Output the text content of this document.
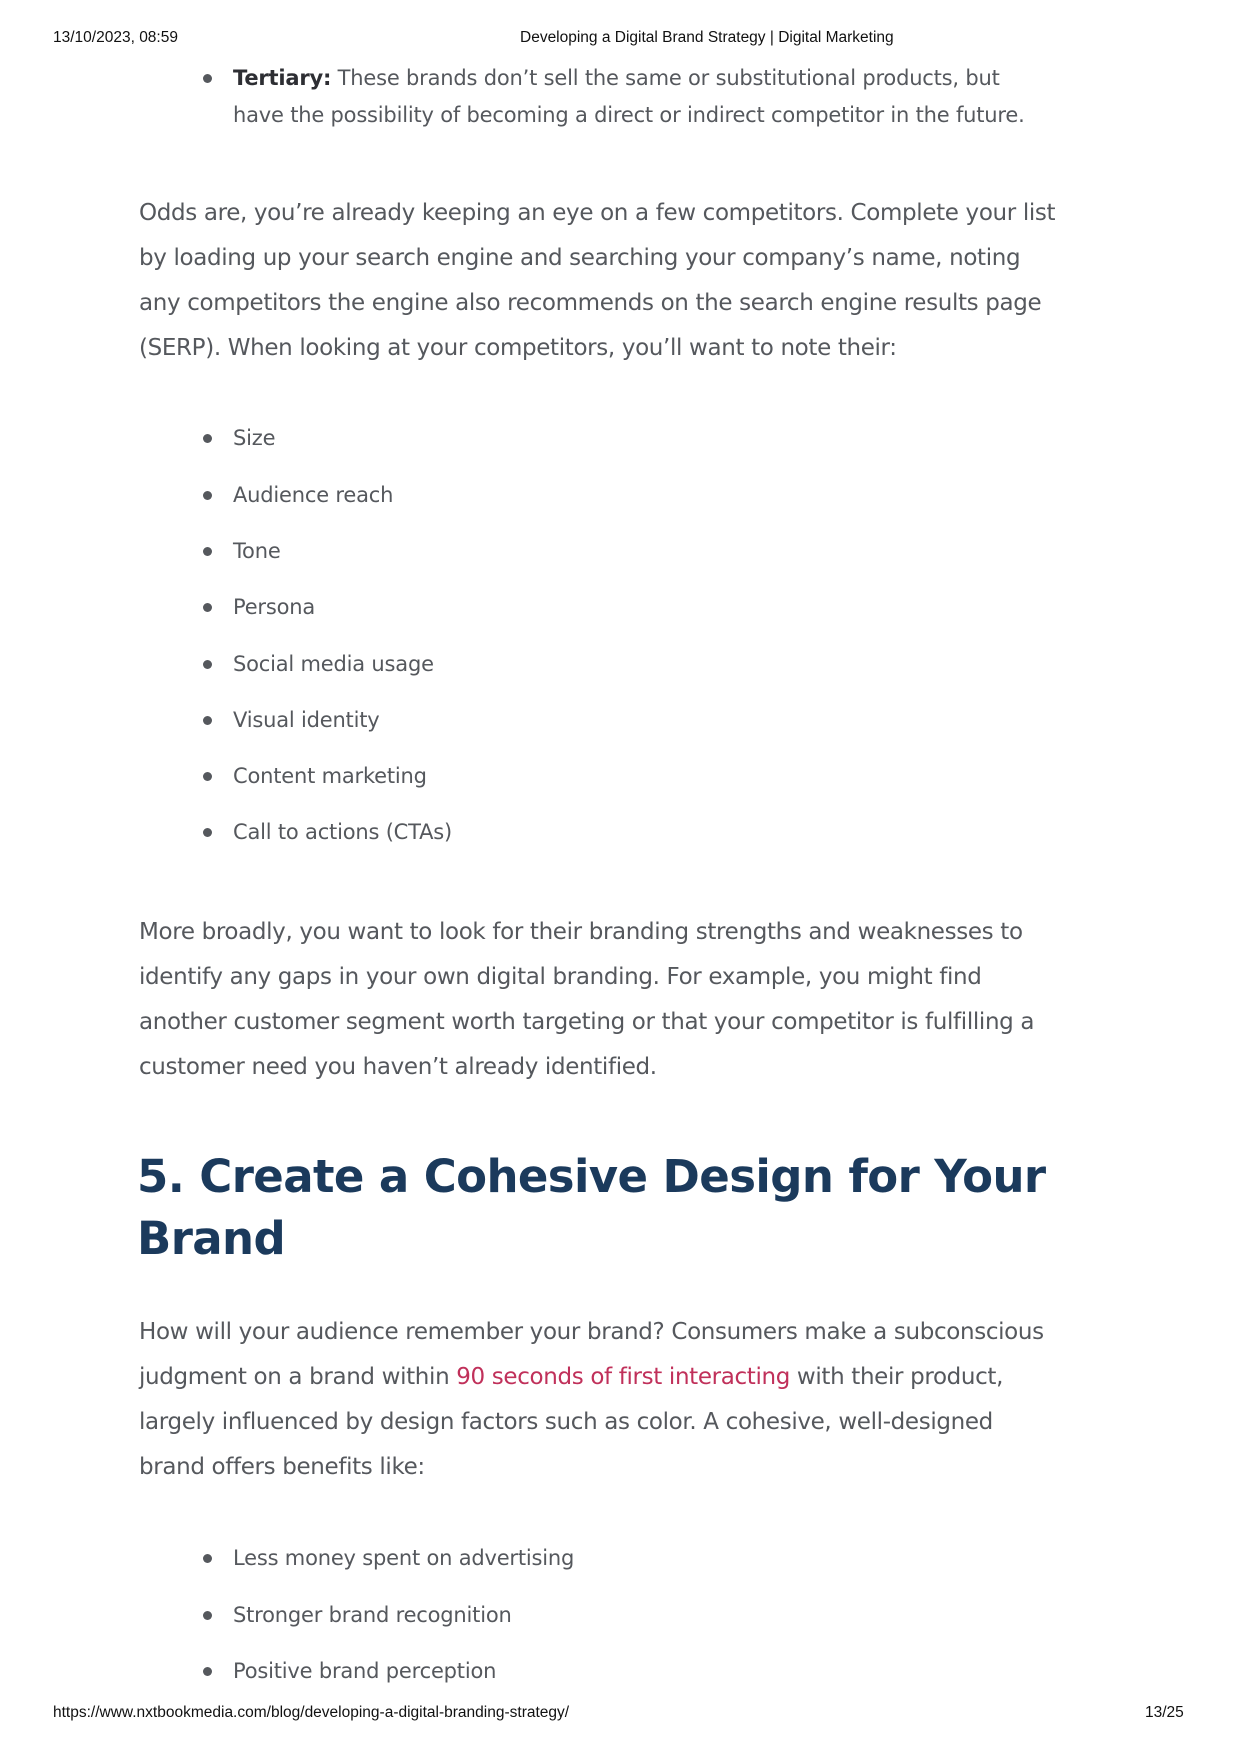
13/10/2023, 08:59	Developing a Digital Brand Strategy | Digital Marketing
Tertiary: These brands don’t sell the same or substitutional products, but
have the possibility of becoming a direct or indirect competitor in the future.
Odds are, you’re already keeping an eye on a few competitors. Complete your list
by loading up your search engine and searching your company’s name, noting
any competitors the engine also recommends on the search engine results page
(SERP). When looking at your competitors, you’ll want to note their:
Size
Audience reach
Tone
Persona
Social media usage
Visual identity
Content marketing
Call to actions (CTAs)
More broadly, you want to look for their branding strengths and weaknesses to
identify any gaps in your own digital branding. For example, you might find
another customer segment worth targeting or that your competitor is fulfilling a
customer need you haven’t already identified.
5. Create a Cohesive Design for Your
Brand
How will your audience remember your brand? Consumers make a subconscious
judgment on a brand within 90 seconds of first interacting with their product,
largely influenced by design factors such as color. A cohesive, well-designed
brand offers benefits like:
Less money spent on advertising
Stronger brand recognition
Positive brand perception
https://www.nxtbookmedia.com/blog/developing-a-digital-branding-strategy/	13/25
